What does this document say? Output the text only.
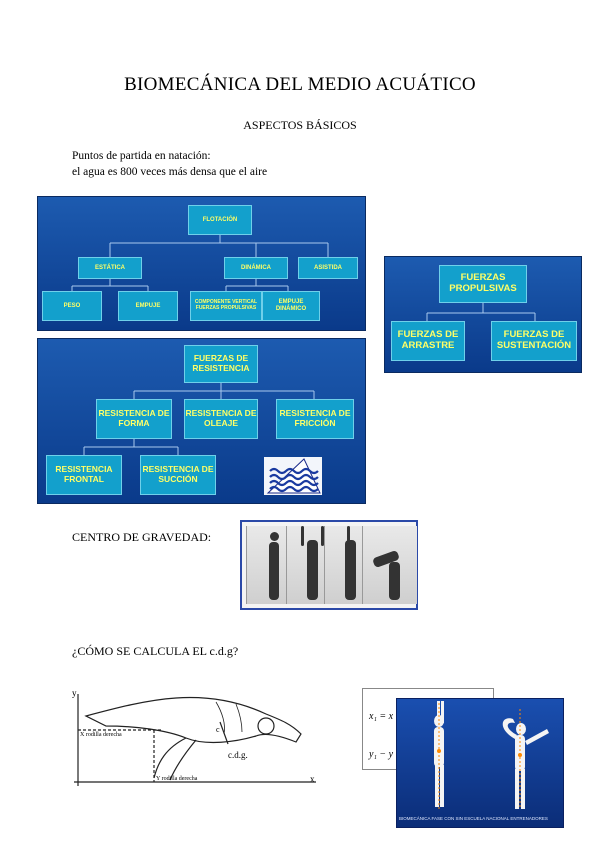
BIOMECÁNICA DEL MEDIO ACUÁTICO
ASPECTOS BÁSICOS
Puntos de partida en natación:
el agua es 800 veces más densa que el aire
FLOTACIÓN
ESTÁTICA	DINÁMICA	ASISTIDA
PESO	EMPUJE
COMPONENTE VERTICAL FUERZAS PROPULSIVAS
EMPUJE DINÁMICO
FUERZAS PROPULSIVAS
FUERZAS DE ARRASTRE
FUERZAS DE SUSTENTACIÓN
FUERZAS DE RESISTENCIA
RESISTENCIA DE FORMA
RESISTENCIA DE OLEAJE
RESISTENCIA DE FRICCIÓN
RESISTENCIA FRONTAL
RESISTENCIA DE SUCCIÓN
CENTRO DE GRAVEDAD:
¿CÓMO SE CALCULA EL c.d.g?
y
x
X rodilla derecha
Y rodilla derecha
c.d.g.
c
x₁ = x
y₁ − y
BIOMECÁNICA FASE CON SIN ESCUELA NACIONAL ENTRENADORES
